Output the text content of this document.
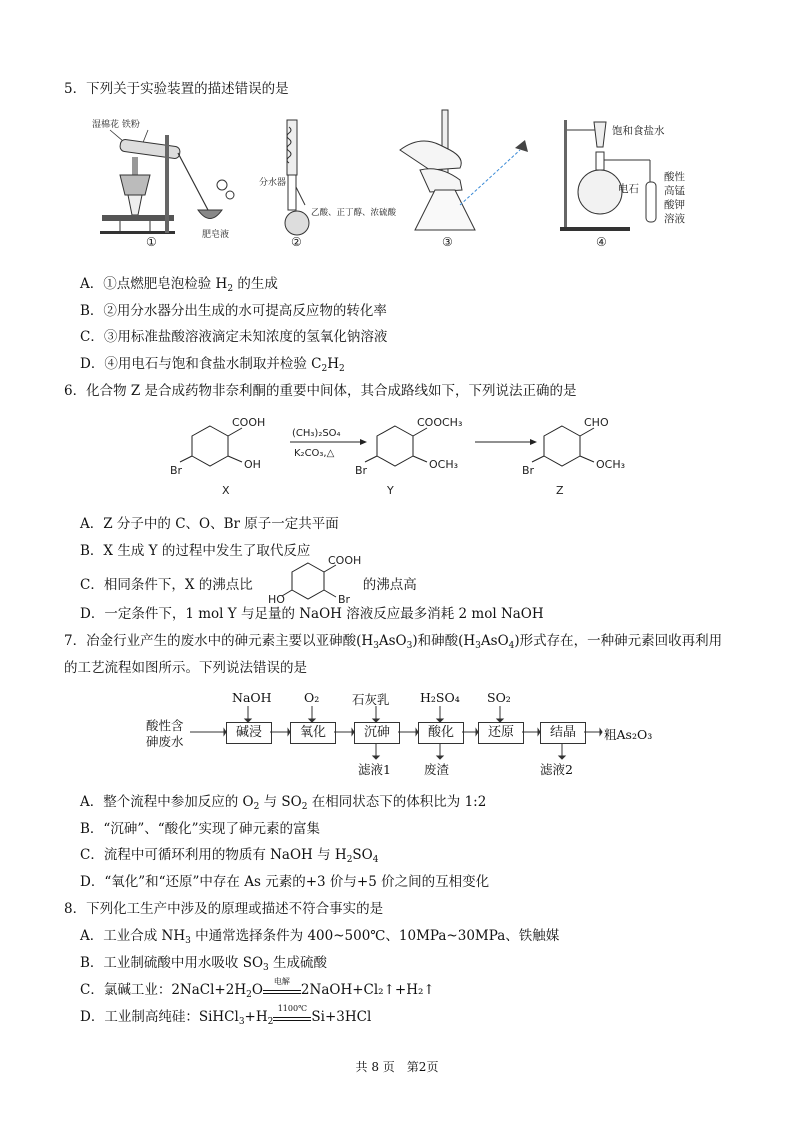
5．下列关于实验装置的描述错误的是
湿棉花 铁粉
肥皂液
①
分水器
乙酸、正丁醇、浓硫酸
②	③
饱和食盐水
电石
酸性
高锰
酸钾
溶液
④
A．①点燃肥皂泡检验 $H_2$ 的生成
B．②用分水器分出生成的水可提高反应物的转化率
C．③用标准盐酸溶液滴定未知浓度的氢氧化钠溶液
D．④用电石与饱和食盐水制取并检验 $C_2H_2$
6．化合物 Z 是合成药物非奈利酮的重要中间体，其合成路线如下，下列说法正确的是
COOH
OH
Br
X
(CH₃)₂SO₄
K₂CO₃,△
COOCH₃
OCH₃
Br
Y
CHO
OCH₃
Br
Z
A．Z 分子中的 C、O、Br 原子一定共平面
B．X 生成 Y 的过程中发生了取代反应
C．相同条件下，X 的沸点比	的沸点高
COOH
Br
HO
D．一定条件下，1 mol Y 与足量的 NaOH 溶液反应最多消耗 2 mol NaOH
7．冶金行业产生的废水中的砷元素主要以亚砷酸$(H_3AsO_3)$和砷酸$(H_3AsO_4)$形式存在，一种砷元素回收再利用
的工艺流程如图所示。下列说法错误的是
酸性含
砷废水
碱浸	氧化	沉砷	酸化	还原	结晶
NaOH	O₂	石灰乳 H₂SO₄ SO₂
滤液1	废渣	滤液2
粗As₂O₃
A．整个流程中参加反应的 $O_2$ 与 $SO_2$ 在相同状态下的体积比为 1:2
B．“沉砷”、“酸化”实现了砷元素的富集
C．流程中可循环利用的物质有 NaOH 与 $H_2SO_4$
D．“氧化”和“还原”中存在 As 元素的+3 价与+5 价之间的互相变化
8．下列化工生产中涉及的原理或描述不符合事实的是
A．工业合成 $NH_3$ 中通常选择条件为 400~500℃、10MPa~30MPa、铁触媒
B．工业制硫酸中用水吸收 $SO_3$ 生成硫酸
C．氯碱工业：$2NaCl+2H_2O$
电解
2NaOH+Cl₂↑+H₂↑
D．工业制高纯硅：$SiHCl_3+H_2$
1100℃
Si+3HCl
共 8 页　第2页
